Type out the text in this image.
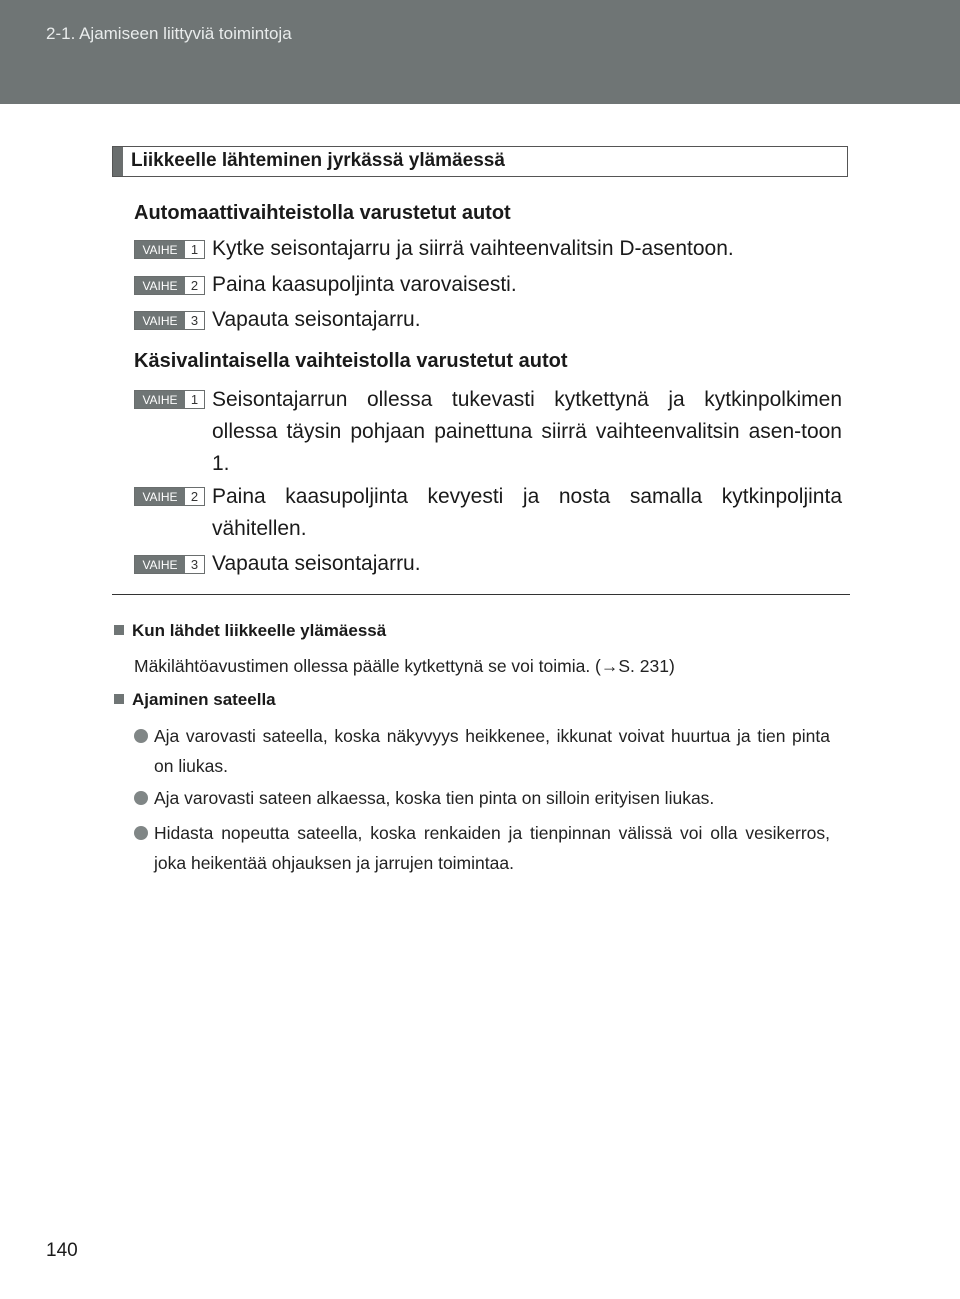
2-1. Ajamiseen liittyviä toimintoja
Liikkeelle lähteminen jyrkässä ylämäessä
Automaattivaihteistolla varustetut autot
VAIHE	1 Kytke seisontajarru ja siirrä vaihteenvalitsin D-asentoon.
VAIHE	2 Paina kaasupoljinta varovaisesti.
VAIHE	3 Vapauta seisontajarru.
Käsivalintaisella vaihteistolla varustetut autot
VAIHE	1 Seisontajarrun ollessa tukevasti kytkettynä ja kytkinpolkimen ollessa täysin pohjaan painettuna siirrä vaihteenvalitsin asen-toon 1.
VAIHE	2 Paina kaasupoljinta kevyesti ja nosta samalla kytkinpoljinta vähitellen.
VAIHE	3 Vapauta seisontajarru.
Kun lähdet liikkeelle ylämäessä
Mäkilähtöavustimen ollessa päälle kytkettynä se voi toimia. (→S. 231)
Ajaminen sateella
Aja varovasti sateella, koska näkyvyys heikkenee, ikkunat voivat huurtua ja tien pinta on liukas.
Aja varovasti sateen alkaessa, koska tien pinta on silloin erityisen liukas.
Hidasta nopeutta sateella, koska renkaiden ja tienpinnan välissä voi olla vesikerros, joka heikentää ohjauksen ja jarrujen toimintaa.
140
